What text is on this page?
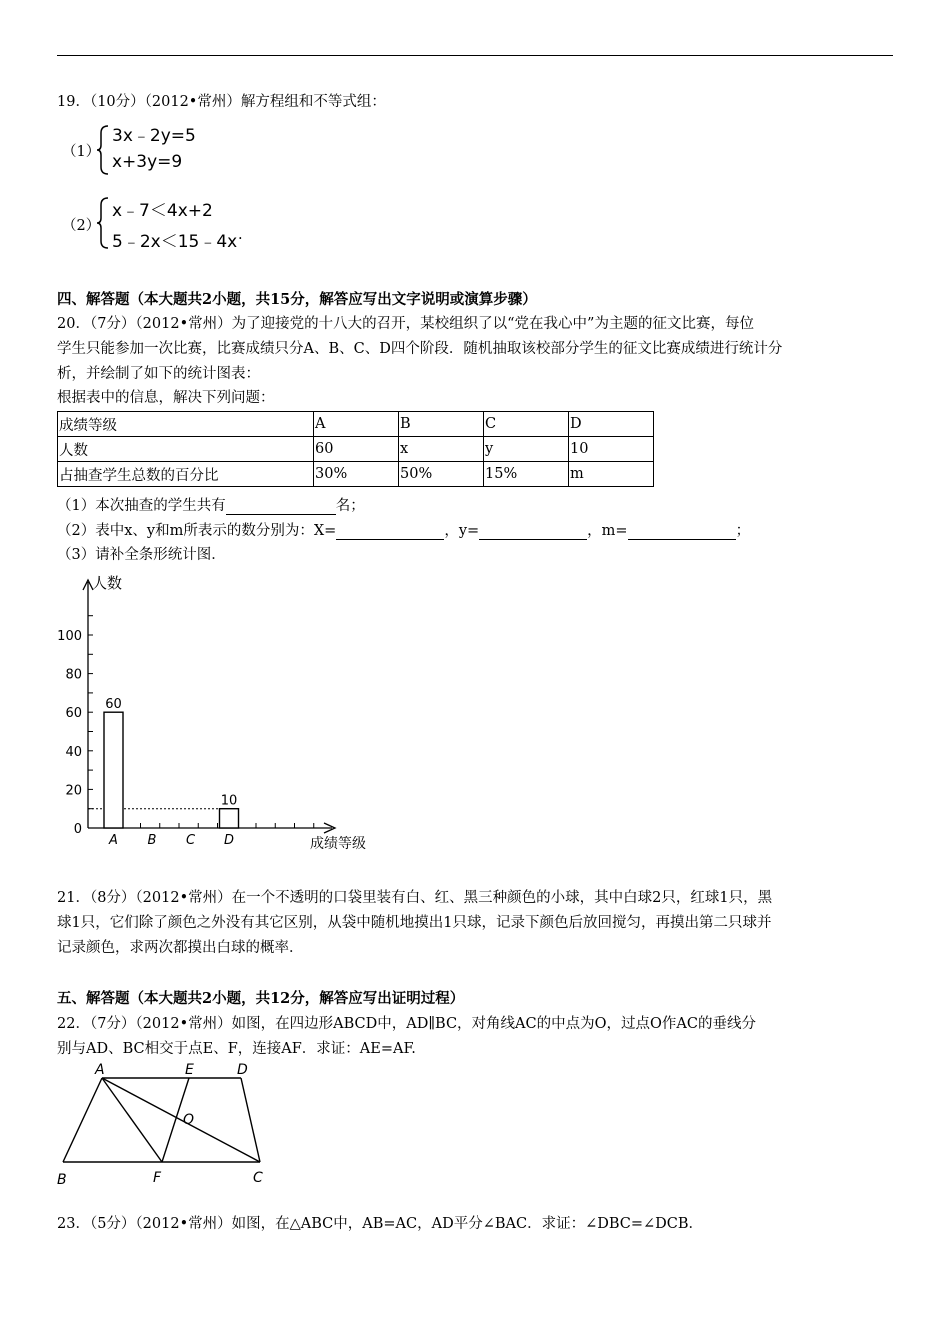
19．（10分）（2012•常州）解方程组和不等式组：
（1）
3x﹣2y=5
x+3y=9
（2）
x﹣7＜4x+2
5﹣2x＜15﹣4x .
四、解答题（本大题共2小题，共15分，解答应写出文字说明或演算步骤）
20．（7分）（2012•常州）为了迎接党的十八大的召开，某校组织了以“党在我心中”为主题的征文比赛，每位
学生只能参加一次比赛，比赛成绩只分A、B、C、D四个阶段．随机抽取该校部分学生的征文比赛成绩进行统计分
析，并绘制了如下的统计图表：
根据表中的信息，解决下列问题：
成绩等级	A	B	C	D
人数	60	x	y	10
占抽查学生总数的百分比	30%	50%	15%	m
（1）本次抽查的学生共有	名；
（2）表中x、y和m所表示的数分别为：X=	，y=	，m=	；
（3）请补全条形统计图．
人数
成绩等级
0
20
40
60
80
100
A B C D
60
10
21．（8分）（2012•常州）在一个不透明的口袋里装有白、红、黑三种颜色的小球，其中白球2只，红球1只，黑
球1只，它们除了颜色之外没有其它区别，从袋中随机地摸出1只球，记录下颜色后放回搅匀，再摸出第二只球并
记录颜色，求两次都摸出白球的概率．
五、解答题（本大题共2小题，共12分，解答应写出证明过程）
22．（7分）（2012•常州）如图，在四边形ABCD中，AD∥BC，对角线AC的中点为O，过点O作AC的垂线分
别与AD、BC相交于点E、F，连接AF．求证：AE=AF.
A	E	D
O
B	F	C
23．（5分）（2012•常州）如图，在△ABC中，AB=AC，AD平分∠BAC．求证：∠DBC=∠DCB．
